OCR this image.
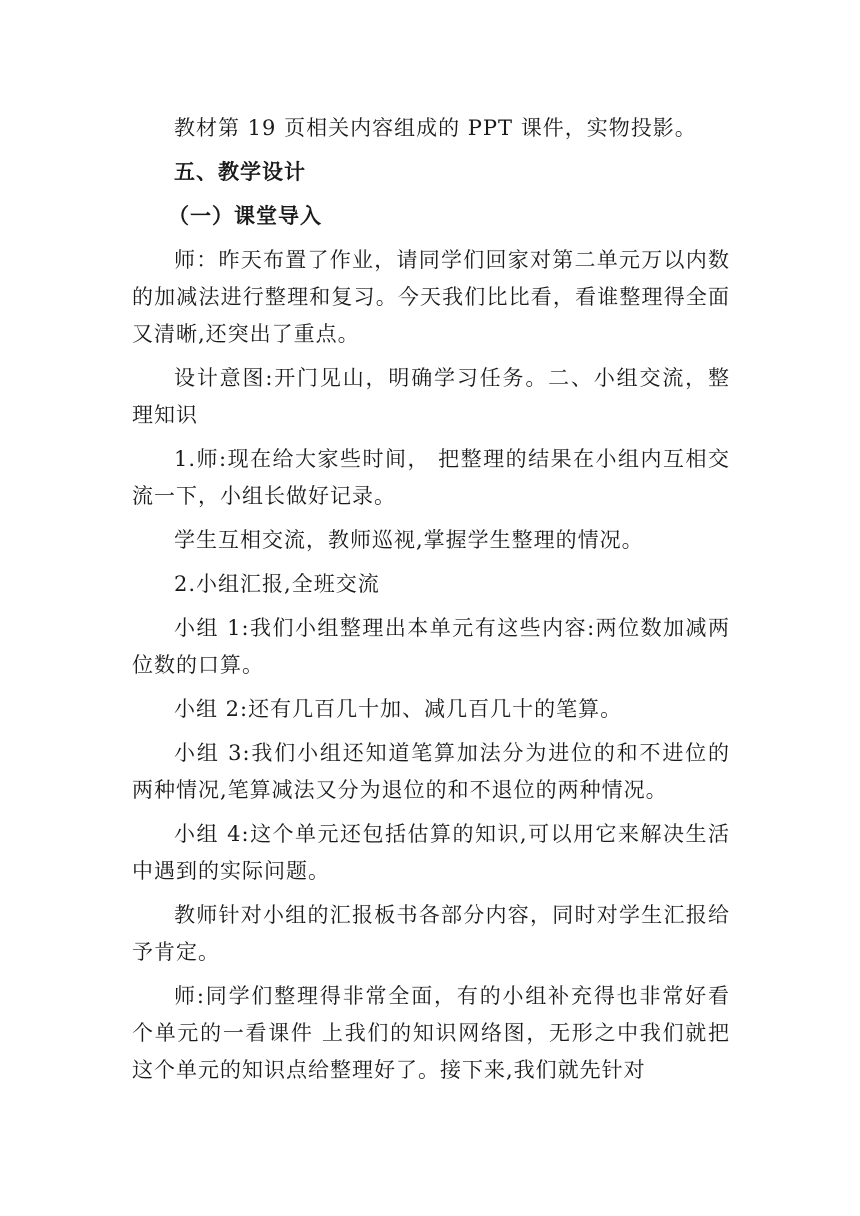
教材第 19 页相关内容组成的 PPT 课件，实物投影。
五、教学设计
（一）课堂导入
师：昨天布置了作业，请同学们回家对第二单元万以内数的加减法进行整理和复习。今天我们比比看，看谁整理得全面又清晰,还突出了重点。
设计意图:开门见山，明确学习任务。二、小组交流，整理知识
1.师:现在给大家些时间， 把整理的结果在小组内互相交流一下，小组长做好记录。
学生互相交流，教师巡视,掌握学生整理的情况。
2.小组汇报,全班交流
小组 1:我们小组整理出本单元有这些内容:两位数加减两位数的口算。
小组 2:还有几百几十加、减几百几十的笔算。
小组 3:我们小组还知道笔算加法分为进位的和不进位的两种情况,笔算减法又分为退位的和不退位的两种情况。
小组 4:这个单元还包括估算的知识,可以用它来解决生活中遇到的实际问题。
教师针对小组的汇报板书各部分内容，同时对学生汇报给予肯定。
师:同学们整理得非常全面，有的小组补充得也非常好看个单元的一看课件 上我们的知识网络图，无形之中我们就把这个单元的知识点给整理好了。接下来,我们就先针对
